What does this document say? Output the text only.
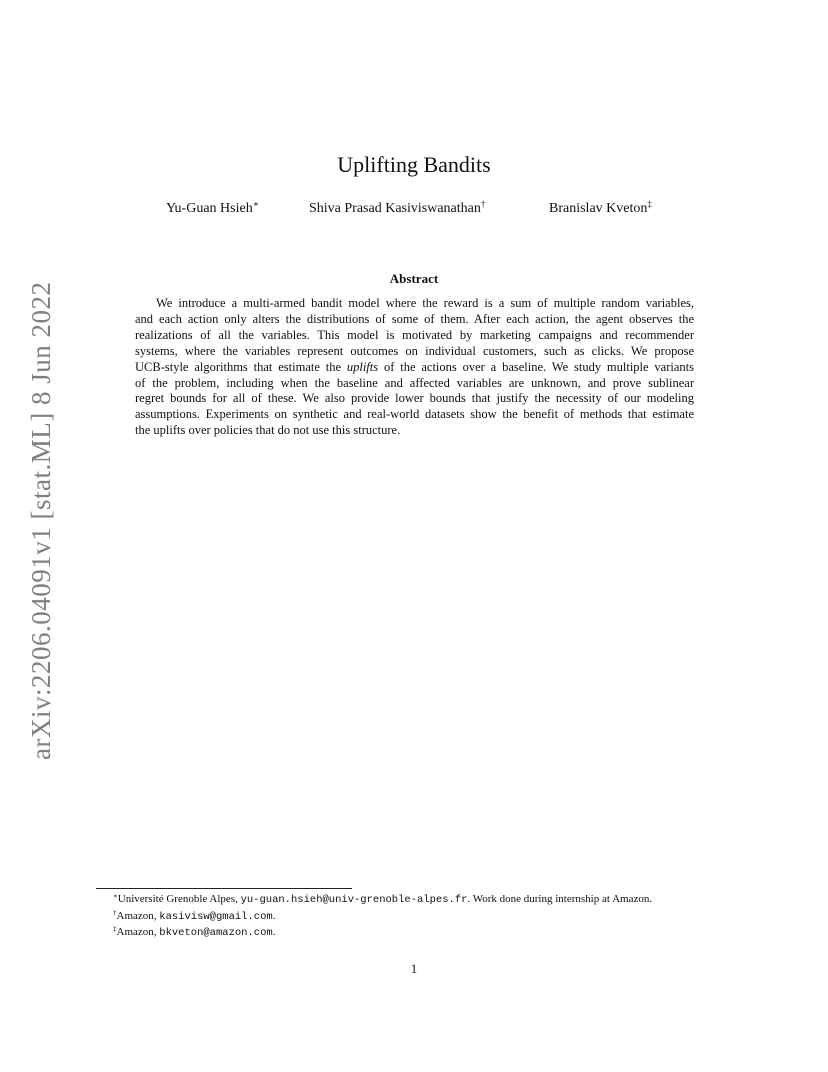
arXiv:2206.04091v1 [stat.ML] 8 Jun 2022
Uplifting Bandits
Yu-Guan Hsieh∗	Shiva Prasad Kasiviswanathan†	Branislav Kveton‡
Abstract
We introduce a multi-armed bandit model where the reward is a sum of multiple random variables,
and each action only alters the distributions of some of them. After each action, the agent observes the
realizations of all the variables. This model is motivated by marketing campaigns and recommender
systems, where the variables represent outcomes on individual customers, such as clicks. We propose
UCB-style algorithms that estimate the uplifts of the actions over a baseline. We study multiple variants
of the problem, including when the baseline and affected variables are unknown, and prove sublinear
regret bounds for all of these. We also provide lower bounds that justify the necessity of our modeling
assumptions. Experiments on synthetic and real-world datasets show the benefit of methods that estimate
the uplifts over policies that do not use this structure.
∗Université Grenoble Alpes, yu-guan.hsieh@univ-grenoble-alpes.fr. Work done during internship at Amazon.
†Amazon, kasivisw@gmail.com.
‡Amazon, bkveton@amazon.com.
1
